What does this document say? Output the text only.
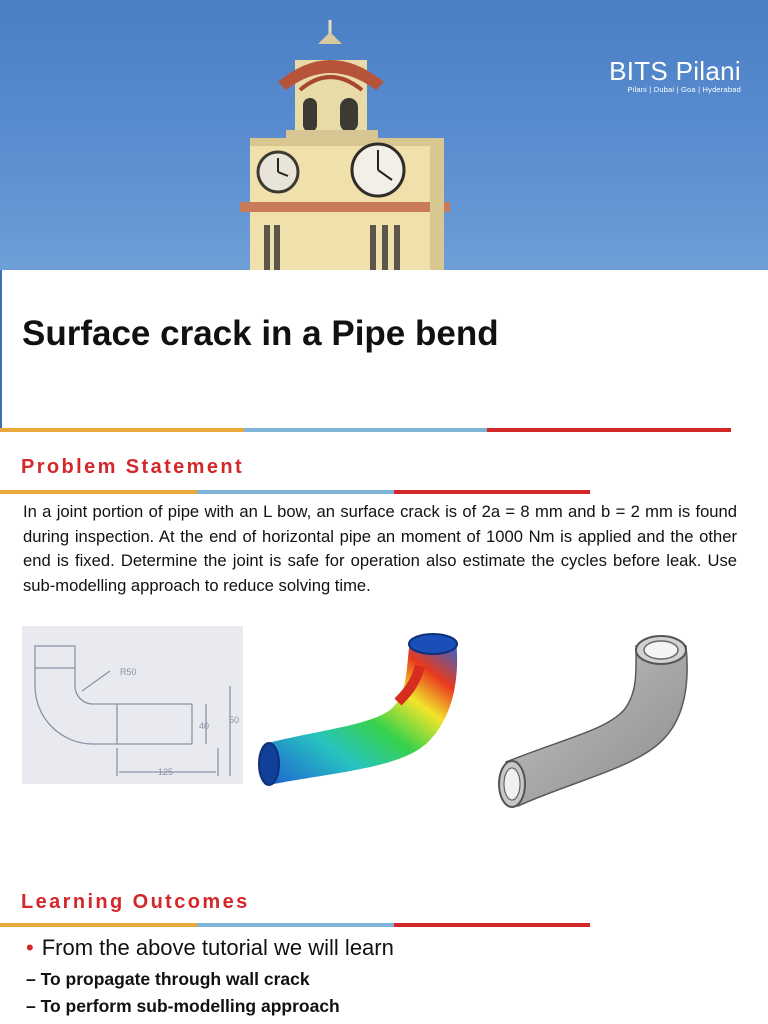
BITS Pilani
Pilani | Dubai | Goa | Hyderabad
Surface crack in a Pipe bend
Problem Statement

In a joint portion of pipe with an L bow, an surface crack is of 2a = 8 mm and b = 2 mm is found during inspection. At the end of horizontal pipe an moment of 1000 Nm is applied and the other end is fixed. Determine the joint is safe for operation also estimate the cycles before leak. Use sub-modelling approach to reduce solving time.

R50
40
50
125
Learning Outcomes
• From the above tutorial we will learn
– To propagate through wall crack
– To perform sub-modelling approach
